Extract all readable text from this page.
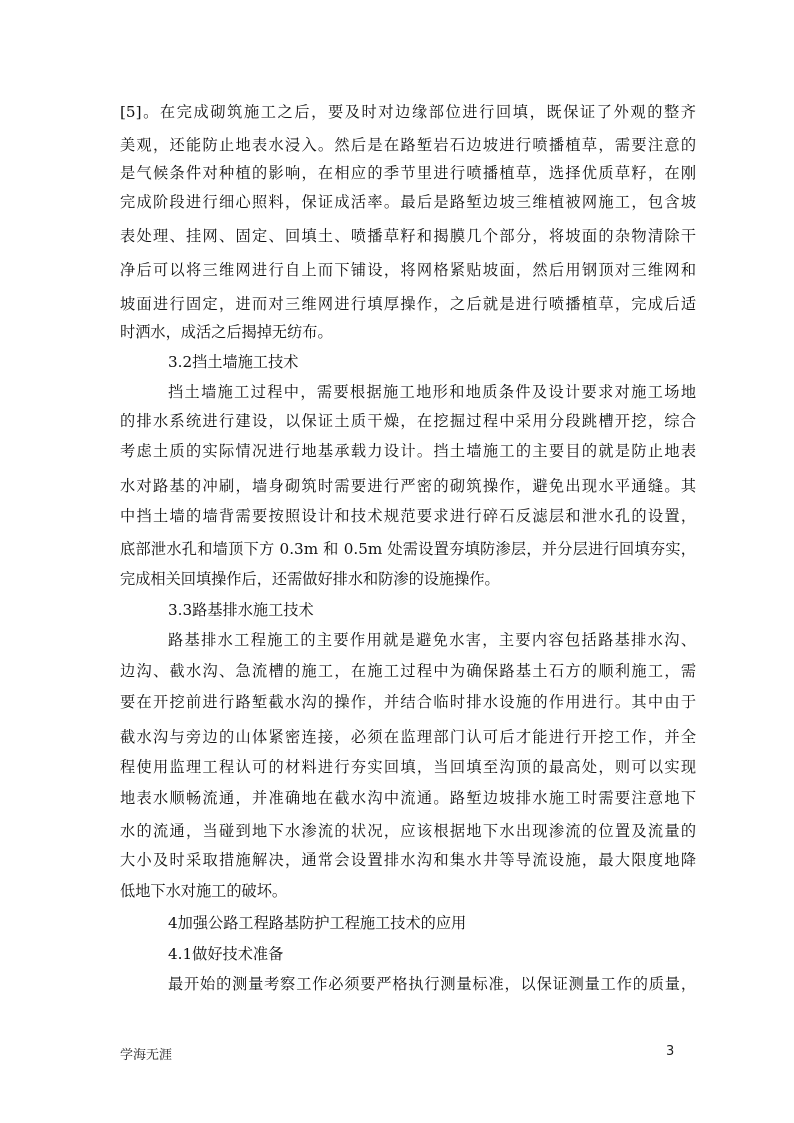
[5]。在完成砌筑施工之后，要及时对边缘部位进行回填，既保证了外观的整齐
美观，还能防止地表水浸入。然后是在路堑岩石边坡进行喷播植草，需要注意的
是气候条件对种植的影响，在相应的季节里进行喷播植草，选择优质草籽，在刚
完成阶段进行细心照料，保证成活率。最后是路堑边坡三维植被网施工，包含坡
表处理、挂网、固定、回填土、喷播草籽和揭膜几个部分，将坡面的杂物清除干
净后可以将三维网进行自上而下铺设，将网格紧贴坡面，然后用钢顶对三维网和
坡面进行固定，进而对三维网进行填厚操作，之后就是进行喷播植草，完成后适
时洒水，成活之后揭掉无纺布。
3.2挡土墙施工技术
挡土墙施工过程中，需要根据施工地形和地质条件及设计要求对施工场地
的排水系统进行建设，以保证土质干燥，在挖掘过程中采用分段跳槽开挖，综合
考虑土质的实际情况进行地基承载力设计。挡土墙施工的主要目的就是防止地表
水对路基的冲刷，墙身砌筑时需要进行严密的砌筑操作，避免出现水平通缝。其
中挡土墙的墙背需要按照设计和技术规范要求进行碎石反滤层和泄水孔的设置，
底部泄水孔和墙顶下方 0.3m 和 0.5m 处需设置夯填防渗层，并分层进行回填夯实，
完成相关回填操作后，还需做好排水和防渗的设施操作。
3.3路基排水施工技术
路基排水工程施工的主要作用就是避免水害，主要内容包括路基排水沟、
边沟、截水沟、急流槽的施工，在施工过程中为确保路基土石方的顺利施工，需
要在开挖前进行路堑截水沟的操作，并结合临时排水设施的作用进行。其中由于
截水沟与旁边的山体紧密连接，必须在监理部门认可后才能进行开挖工作，并全
程使用监理工程认可的材料进行夯实回填，当回填至沟顶的最高处，则可以实现
地表水顺畅流通，并准确地在截水沟中流通。路堑边坡排水施工时需要注意地下
水的流通，当碰到地下水渗流的状况，应该根据地下水出现渗流的位置及流量的
大小及时采取措施解决，通常会设置排水沟和集水井等导流设施，最大限度地降
低地下水对施工的破坏。
4加强公路工程路基防护工程施工技术的应用
4.1做好技术准备
最开始的测量考察工作必须要严格执行测量标准，以保证测量工作的质量，
学海无涯	3
